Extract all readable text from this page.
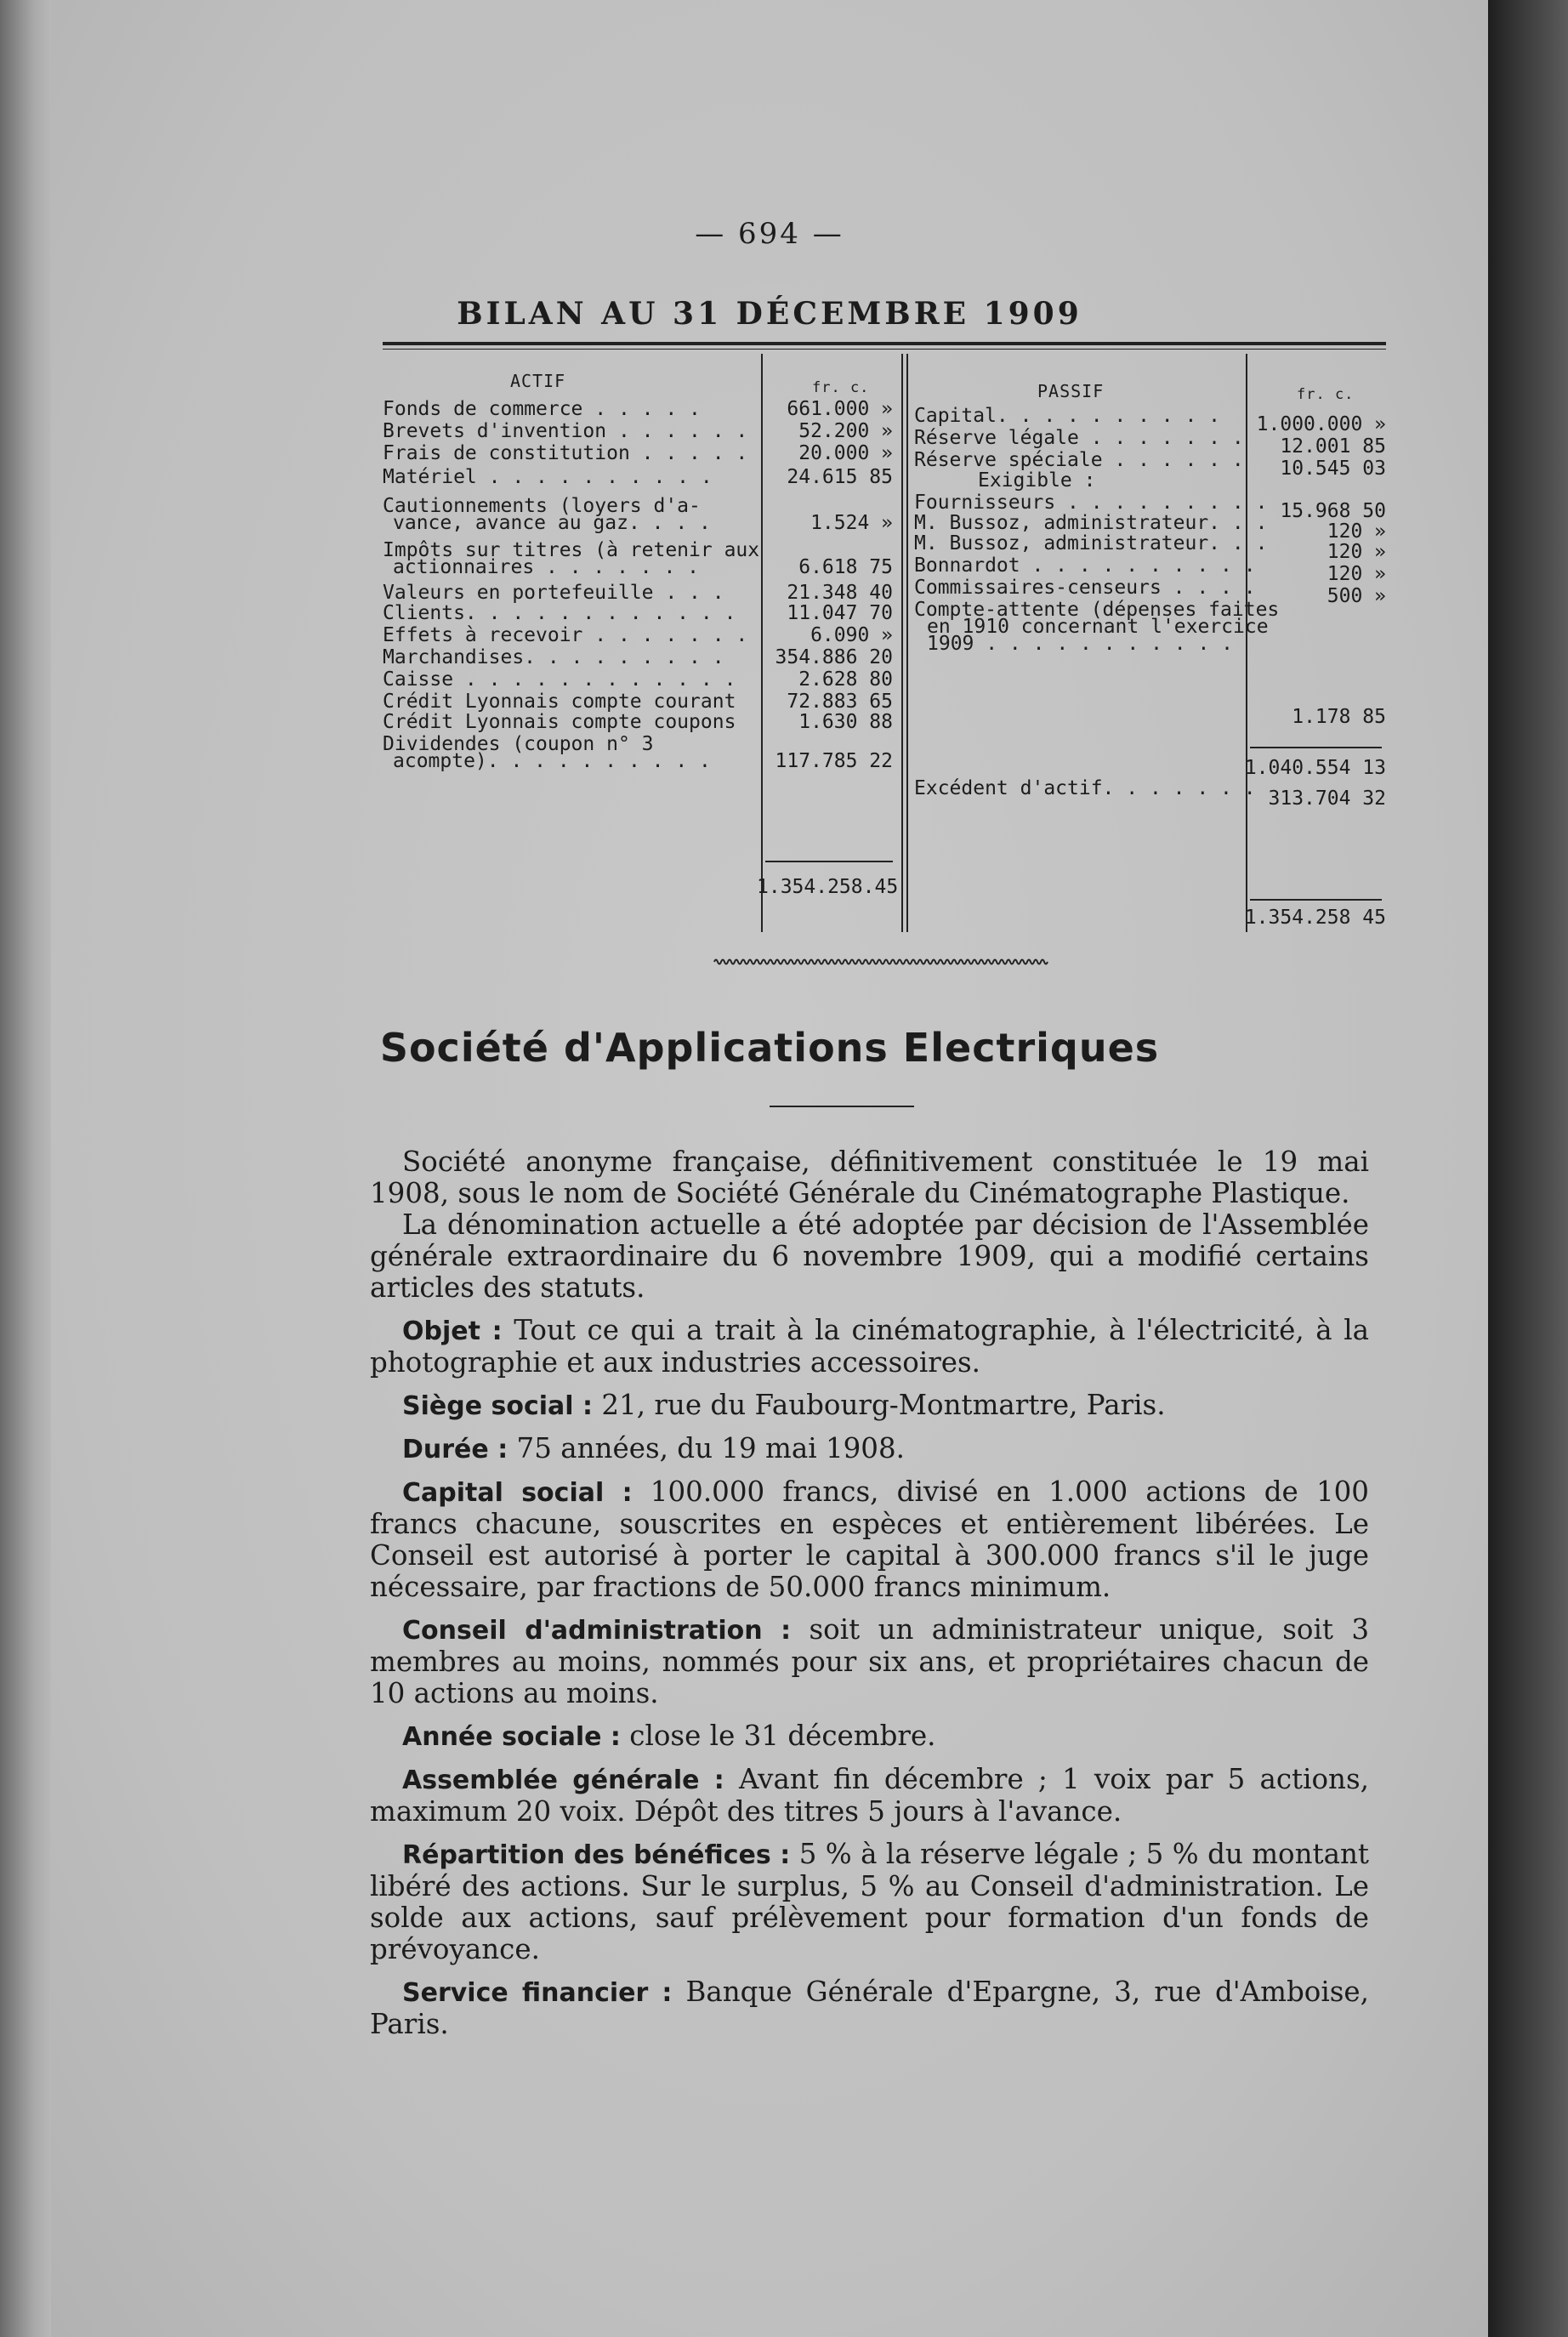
— 694 —
BILAN AU 31 DÉCEMBRE 1909
ACTIF	fr. c.	PASSIF	fr. c.
Fonds de commerce . . . . .	661.000 »
Brevets d'invention . . . . . .	52.200 »
Frais de constitution . . . . .	20.000 »
Matériel . . . . . . . . . .	24.615 85
Cautionnements (loyers d'a-
vance, avance au gaz. . . .	1.524 »
Impôts sur titres (à retenir aux
actionnaires . . . . . . .	6.618 75
Valeurs en portefeuille . . .	21.348 40
Clients. . . . . . . . . . . .	11.047 70
Effets à recevoir . . . . . . .	6.090 »
Marchandises. . . . . . . . .	354.886 20
Caisse . . . . . . . . . . . .	2.628 80
Crédit Lyonnais compte courant	72.883 65
Crédit Lyonnais compte coupons	1.630 88
Dividendes (coupon n° 3
acompte). . . . . . . . . .	117.785 22
Capital. . . . . . . . . .	1.000.000 »
Réserve légale . . . . . . .	12.001 85
Réserve spéciale . . . . . .	10.545 03
Exigible :
Fournisseurs . . . . . . . . . 15.968 50
M. Bussoz, administrateur. . .	120 »
M. Bussoz, administrateur. . .	120 »
Bonnardot . . . . . . . . . .	120 »
Commissaires-censeurs . . . .	500 »
Compte-attente (dépenses faites
en 1910 concernant l'exercice
1909 . . . . . . . . . . .
1.178 85
1.354.258.45
1.040.554 13
Excédent d'actif. . . . . . . 313.704 32
1.354.258 45
Société d'Applications Electriques

Société anonyme française, définitivement constituée le 19 mai 1908, sous le nom de Société Générale du Cinématographe Plastique.

La dénomination actuelle a été adoptée par décision de l'Assemblée générale extraordinaire du 6 novembre 1909, qui a modifié certains articles des statuts.

Objet : Tout ce qui a trait à la cinématographie, à l'électricité, à la photographie et aux industries accessoires.

Siège social : 21, rue du Faubourg-Montmartre, Paris.

Durée : 75 années, du 19 mai 1908.

Capital social : 100.000 francs, divisé en 1.000 actions de 100 francs chacune, souscrites en espèces et entièrement libérées. Le Conseil est autorisé à porter le capital à 300.000 francs s'il le juge nécessaire, par fractions de 50.000 francs minimum.

Conseil d'administration : soit un administrateur unique, soit 3 membres au moins, nommés pour six ans, et propriétaires chacun de 10 actions au moins.

Année sociale : close le 31 décembre.

Assemblée générale : Avant fin décembre ; 1 voix par 5 actions, maximum 20 voix. Dépôt des titres 5 jours à l'avance.

Répartition des bénéfices : 5 % à la réserve légale ; 5 % du montant libéré des actions. Sur le surplus, 5 % au Conseil d'administration. Le solde aux actions, sauf prélèvement pour formation d'un fonds de prévoyance.

Service financier : Banque Générale d'Epargne, 3, rue d'Amboise, Paris.
